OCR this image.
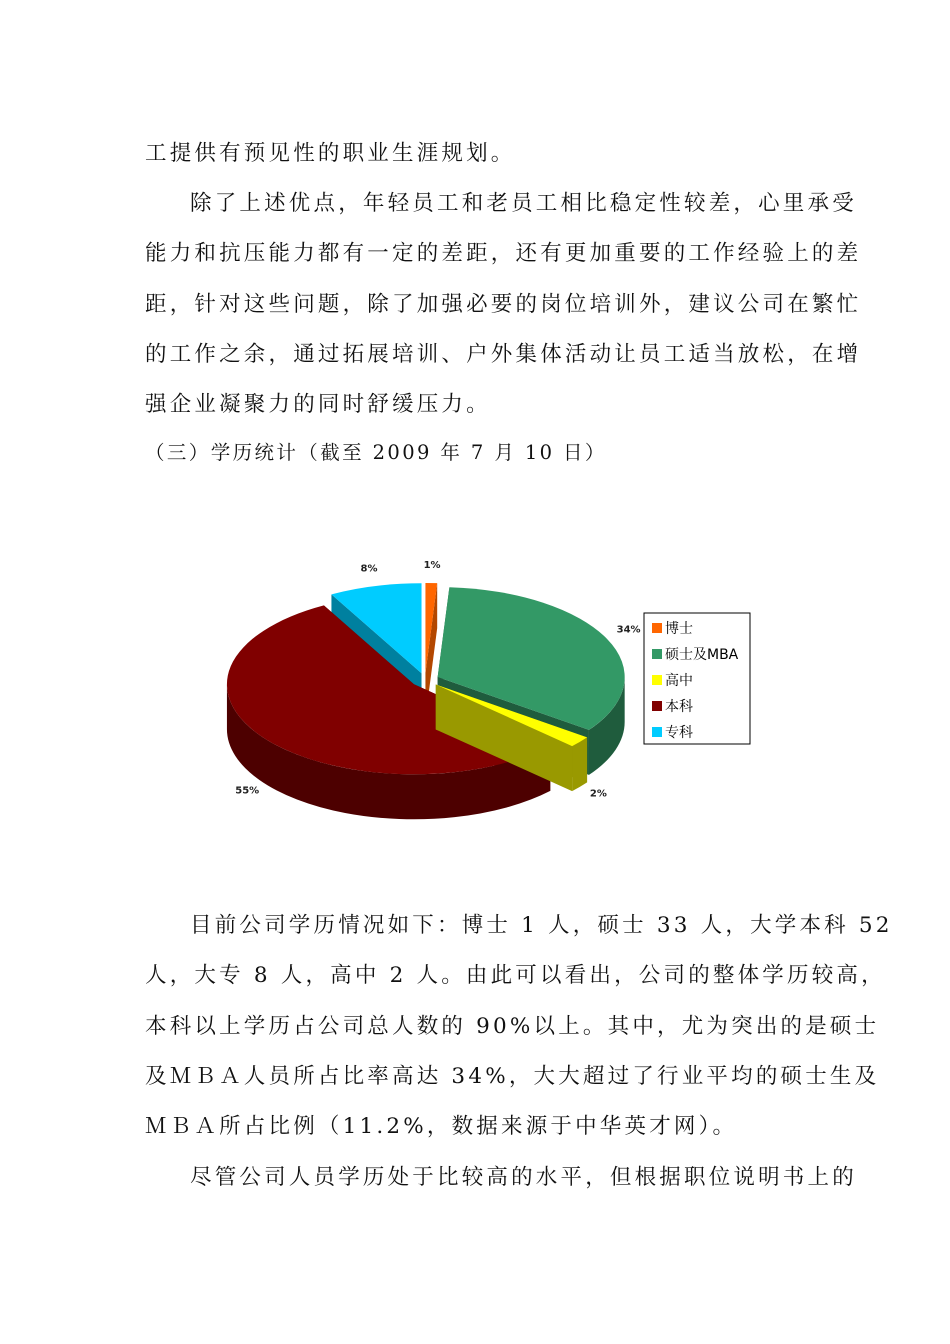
工提供有预见性的职业生涯规划。
除了上述优点，年轻员工和老员工相比稳定性较差，心里承受
能力和抗压能力都有一定的差距，还有更加重要的工作经验上的差
距，针对这些问题，除了加强必要的岗位培训外，建议公司在繁忙
的工作之余，通过拓展培训、户外集体活动让员工适当放松，在增
强企业凝聚力的同时舒缓压力。
（三）学历统计（截至 2009 年 7 月 10 日）
1%
34%
2%
55%
8%
博士
硕士及MBA
高中
本科
专科
目前公司学历情况如下：博士 1 人，硕士 33 人，大学本科 52
人，大专 8 人，高中 2 人。由此可以看出，公司的整体学历较高，
本科以上学历占公司总人数的 90%以上。其中，尤为突出的是硕士
及ＭＢＡ人员所占比率高达 34%，大大超过了行业平均的硕士生及
ＭＢＡ所占比例（11.2%，数据来源于中华英才网）。
尽管公司人员学历处于比较高的水平，但根据职位说明书上的
